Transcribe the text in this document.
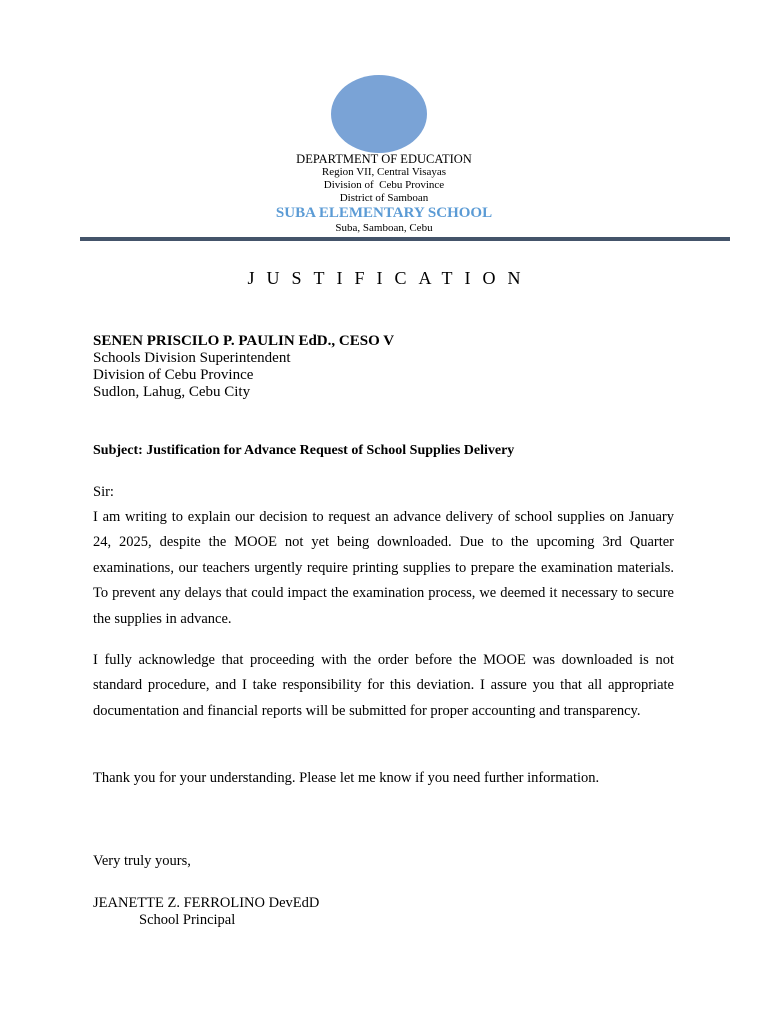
DEPARTMENT OF EDUCATION
Region VII, Central Visayas
Division of  Cebu Province
District of Samboan
SUBA ELEMENTARY SCHOOL
Suba, Samboan, Cebu
JUSTIFICATION
SENEN PRISCILO P. PAULIN EdD., CESO V
Schools Division Superintendent
Division of Cebu Province
Sudlon, Lahug, Cebu City
Subject: Justification for Advance Request of School Supplies Delivery
Sir:

I am writing to explain our decision to request an advance delivery of school supplies on January 24, 2025, despite the MOOE not yet being downloaded. Due to the upcoming 3rd Quarter examinations, our teachers urgently require printing supplies to prepare the examination materials. To prevent any delays that could impact the examination process, we deemed it necessary to secure the supplies in advance.

I fully acknowledge that proceeding with the order before the MOOE was downloaded is not standard procedure, and I take responsibility for this deviation. I assure you that all appropriate documentation and financial reports will be submitted for proper accounting and transparency.

Thank you for your understanding. Please let me know if you need further information.

Very truly yours,
JEANETTE Z. FERROLINO DevEdD
School Principal
